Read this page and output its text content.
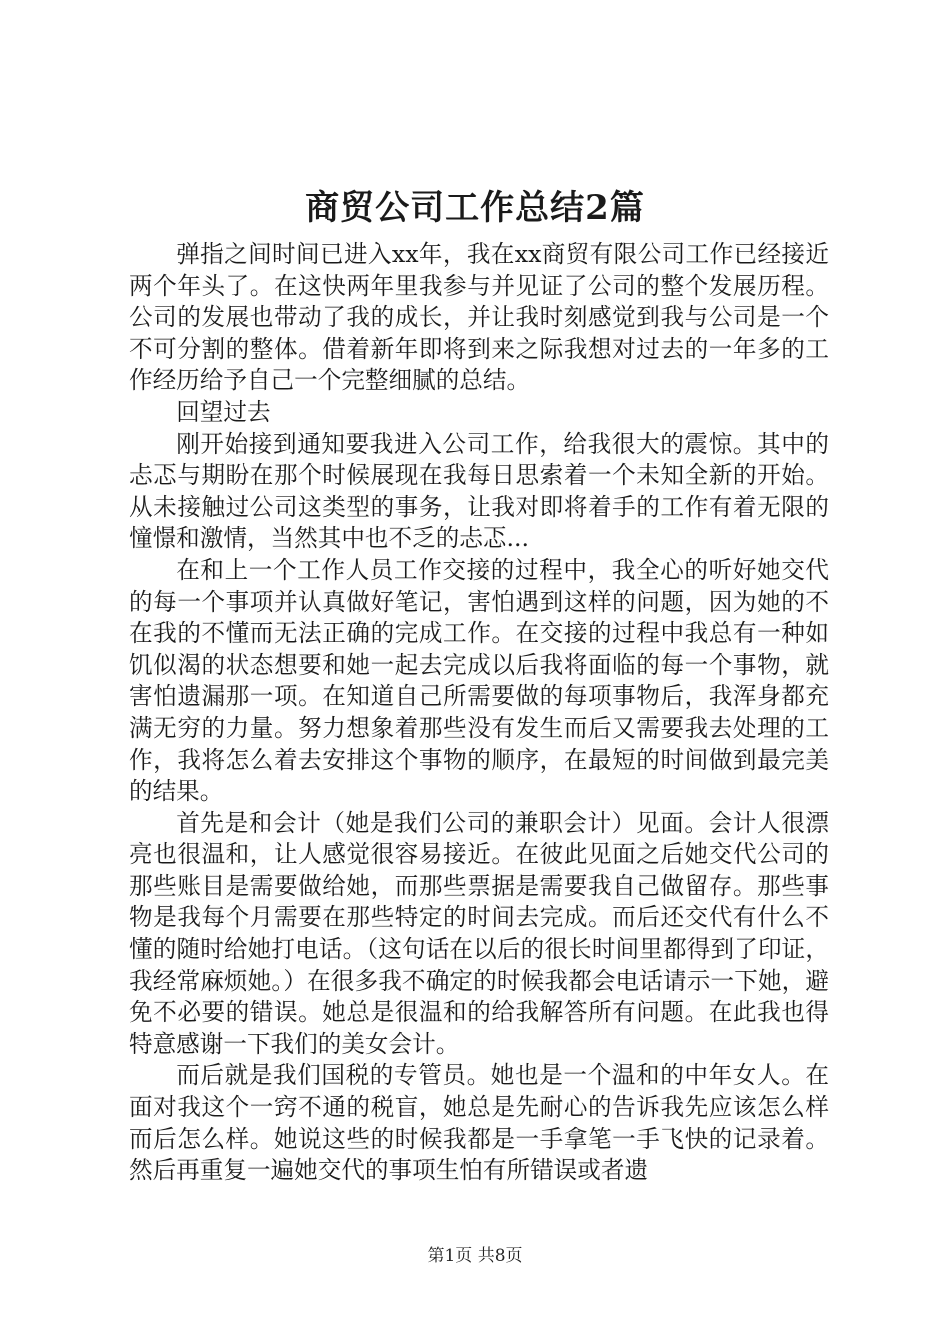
商贸公司工作总结2篇

弹指之间时间已进入xx年，我在xx商贸有限公司工作已经接近两个年头了。在这快两年里我参与并见证了公司的整个发展历程。公司的发展也带动了我的成长，并让我时刻感觉到我与公司是一个不可分割的整体。借着新年即将到来之际我想对过去的一年多的工作经历给予自己一个完整细腻的总结。

回望过去

刚开始接到通知要我进入公司工作，给我很大的震惊。其中的忐忑与期盼在那个时候展现在我每日思索着一个未知全新的开始。从未接触过公司这类型的事务，让我对即将着手的工作有着无限的憧憬和激情，当然其中也不乏的忐忑...

在和上一个工作人员工作交接的过程中，我全心的听好她交代的每一个事项并认真做好笔记，害怕遇到这样的问题，因为她的不在我的不懂而无法正确的完成工作。在交接的过程中我总有一种如饥似渴的状态想要和她一起去完成以后我将面临的每一个事物，就害怕遗漏那一项。在知道自己所需要做的每项事物后，我浑身都充满无穷的力量。努力想象着那些没有发生而后又需要我去处理的工作，我将怎么着去安排这个事物的顺序，在最短的时间做到最完美的结果。

首先是和会计（她是我们公司的兼职会计）见面。会计人很漂亮也很温和，让人感觉很容易接近。在彼此见面之后她交代公司的那些账目是需要做给她，而那些票据是需要我自己做留存。那些事物是我每个月需要在那些特定的时间去完成。而后还交代有什么不懂的随时给她打电话。（这句话在以后的很长时间里都得到了印证，我经常麻烦她。）在很多我不确定的时候我都会电话请示一下她，避免不必要的错误。她总是很温和的给我解答所有问题。在此我也得特意感谢一下我们的美女会计。

而后就是我们国税的专管员。她也是一个温和的中年女人。在面对我这个一窍不通的税盲，她总是先耐心的告诉我先应该怎么样而后怎么样。她说这些的时候我都是一手拿笔一手飞快的记录着。然后再重复一遍她交代的事项生怕有所错误或者遗

第1页 共8页
